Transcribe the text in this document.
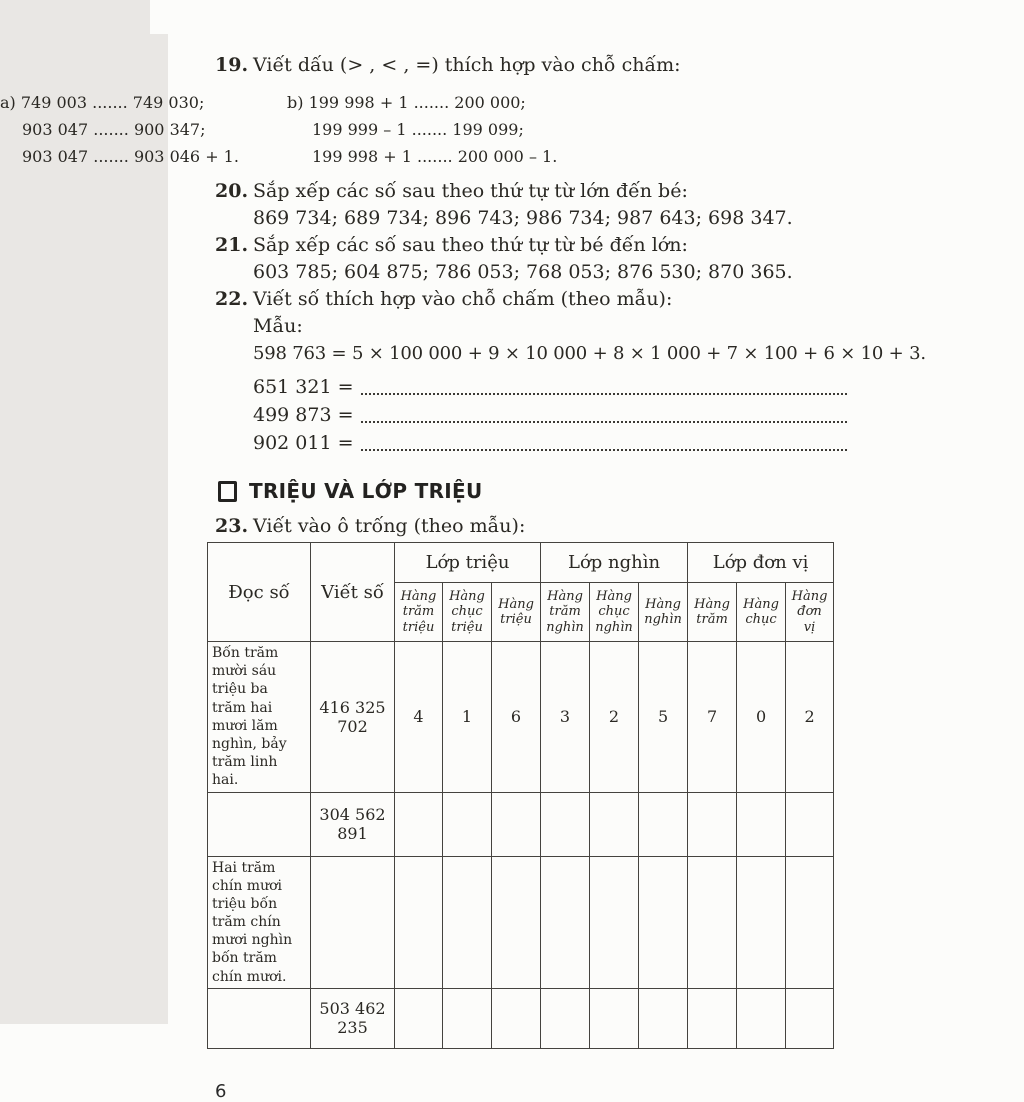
19. Viết dấu (> , < , =) thích hợp vào chỗ chấm:
a) 749 003 ....... 749 030;
903 047 ....... 900 347;
903 047 ....... 903 046 + 1.
b) 199 998 + 1 ....... 200 000;
199 999 – 1 ....... 199 099;
199 998 + 1 ....... 200 000 – 1.
20. Sắp xếp các số sau theo thứ tự từ lớn đến bé:
869 734; 689 734; 896 743; 986 734; 987 643; 698 347.
21. Sắp xếp các số sau theo thứ tự từ bé đến lớn:
603 785; 604 875; 786 053; 768 053; 876 530; 870 365.
22. Viết số thích hợp vào chỗ chấm (theo mẫu):
Mẫu:
598 763 = 5 × 100 000 + 9 × 10 000 + 8 × 1 000 + 7 × 100 + 6 × 10 + 3.
651 321 =
499 873 =
902 011 =
TRIỆU VÀ LỚP TRIỆU
23. Viết vào ô trống (theo mẫu):
Đọc số	Viết số	Lớp triệu			Lớp nghìn			Lớp đơn vị		
		Hàng trăm triệu	Hàng chục triệu	Hàng triệu	Hàng trăm nghìn	Hàng chục nghìn	Hàng nghìn	Hàng trăm	Hàng chục	Hàng đơn vị
Bốn trăm mười sáu triệu ba trăm hai mươi lăm nghìn, bảy trăm linh hai.	416 325 702	4	1	6	3	2	5	7	0	2
	304 562 891									
Hai trăm chín mươi triệu bốn trăm chín mươi nghìn bốn trăm chín mươi.										
	503 462 235									
6
